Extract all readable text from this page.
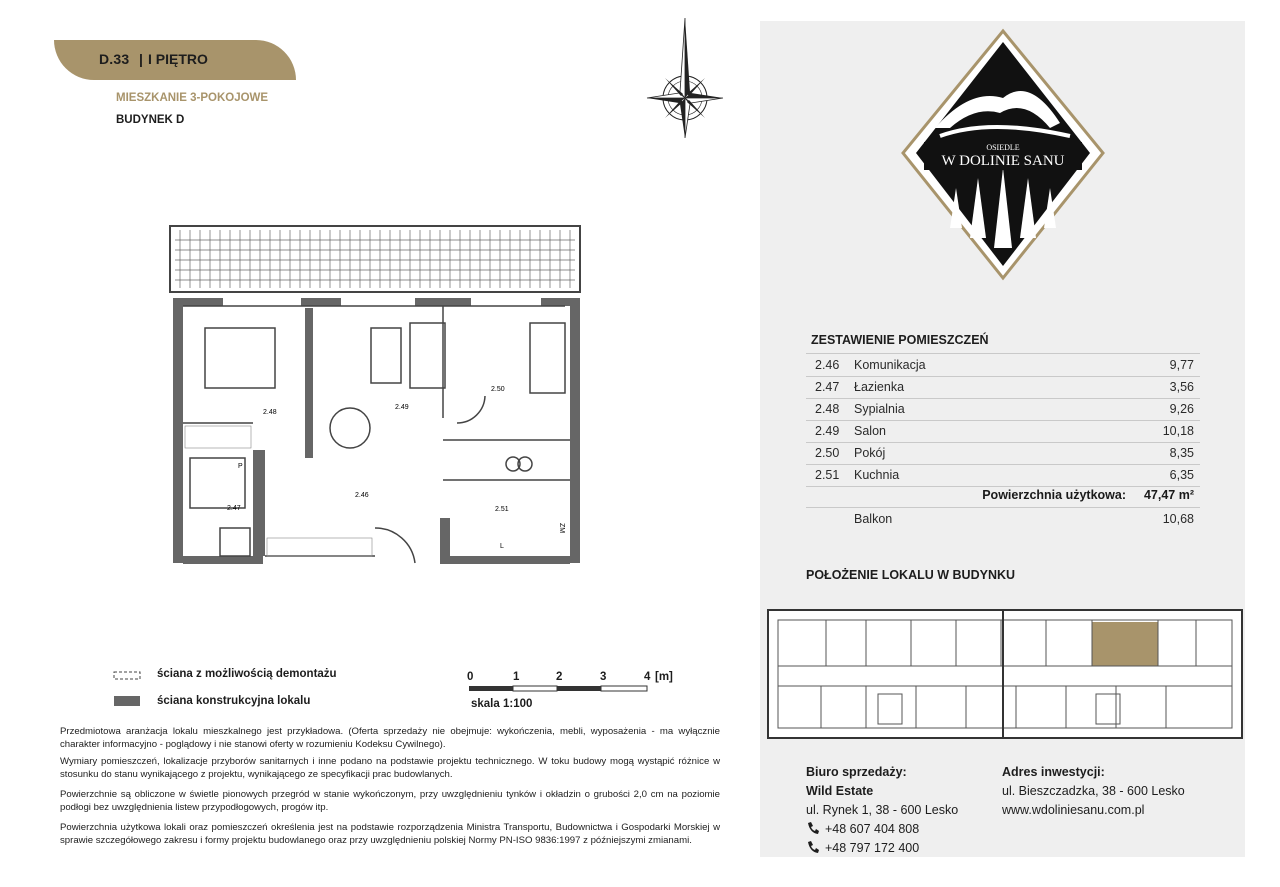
D.33 | I PIĘTRO
MIESZKANIE 3-POKOJOWE
BUDYNEK D
2.48
2.49
2.50
2.47
2.46
2.51
P
ZM
L
ściana z możliwością demontażu
ściana konstrukcyjna lokalu
0	1	2	3	4 [m]
skala 1:100
Przedmiotowa aranżacja lokalu mieszkalnego jest przykładowa. (Oferta sprzedaży nie obejmuje: wykończenia, mebli, wyposażenia - ma wyłącznie charakter informacyjno - poglądowy i nie stanowi oferty w rozumieniu Kodeksu Cywilnego).
Wymiary pomieszczeń, lokalizacje przyborów sanitarnych i inne podano na podstawie projektu technicznego. W toku budowy mogą wystąpić różnice w stosunku do stanu wynikającego z projektu, wynikającego ze specyfikacji prac budowlanych.
Powierzchnie są obliczone w świetle pionowych przegród w stanie wykończonym, przy uwzględnieniu tynków i okładzin o grubości 2,0 cm na poziomie podłogi bez uwzględnienia listew przypodłogowych, progów itp.
Powierzchnia użytkowa lokali oraz pomieszczeń określenia jest na podstawie rozporządzenia Ministra Transportu, Budownictwa i Gospodarki Morskiej w sprawie szczegółowego zakresu i formy projektu budowlanego oraz przy uwzględnieniu polskiej Normy PN-ISO 9836:1997 z późniejszymi zmianami.
OSIEDLE
W DOLINIE SANU
ZESTAWIENIE POMIESZCZEŃ
2.46 Komunikacja	9,77
2.47 Łazienka	3,56
2.48 Sypialnia	9,26
2.49 Salon	10,18
2.50 Pokój	8,35
2.51 Kuchnia	6,35
Powierzchnia użytkowa: 47,47 m²
Balkon	10,68
POŁOŻENIE LOKALU W BUDYNKU
Biuro sprzedaży:
Wild Estate
ul. Rynek 1, 38 - 600 Lesko
+48 607 404 808
+48 797 172 400
Adres inwestycji:
ul. Bieszczadzka, 38 - 600 Lesko
www.wdoliniesanu.com.pl
